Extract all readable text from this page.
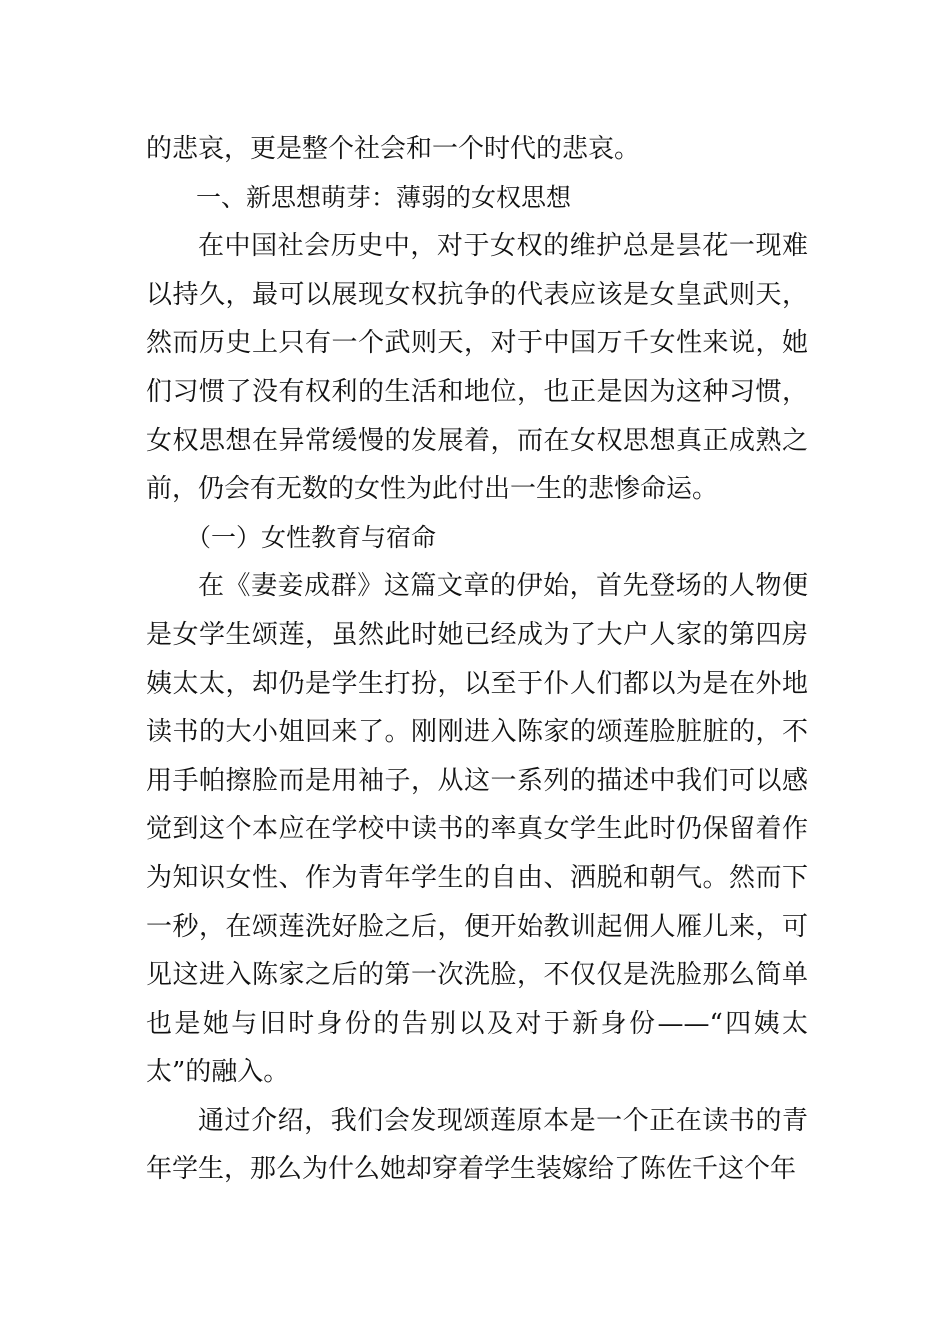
的悲哀，更是整个社会和一个时代的悲哀。

一、新思想萌芽：薄弱的女权思想

在中国社会历史中，对于女权的维护总是昙花一现难以持久，最可以展现女权抗争的代表应该是女皇武则天，然而历史上只有一个武则天，对于中国万千女性来说，她们习惯了没有权利的生活和地位，也正是因为这种习惯，女权思想在异常缓慢的发展着，而在女权思想真正成熟之前，仍会有无数的女性为此付出一生的悲惨命运。

（一）女性教育与宿命

在《妻妾成群》这篇文章的伊始，首先登场的人物便是女学生颂莲，虽然此时她已经成为了大户人家的第四房姨太太，却仍是学生打扮，以至于仆人们都以为是在外地读书的大小姐回来了。刚刚进入陈家的颂莲脸脏脏的，不用手帕擦脸而是用袖子，从这一系列的描述中我们可以感觉到这个本应在学校中读书的率真女学生此时仍保留着作为知识女性、作为青年学生的自由、洒脱和朝气。然而下一秒，在颂莲洗好脸之后，便开始教训起佣人雁儿来，可见这进入陈家之后的第一次洗脸，不仅仅是洗脸那么简单也是她与旧时身份的告别以及对于新身份——“四姨太太”的融入。

通过介绍，我们会发现颂莲原本是一个正在读书的青年学生，那么为什么她却穿着学生装嫁给了陈佐千这个年
